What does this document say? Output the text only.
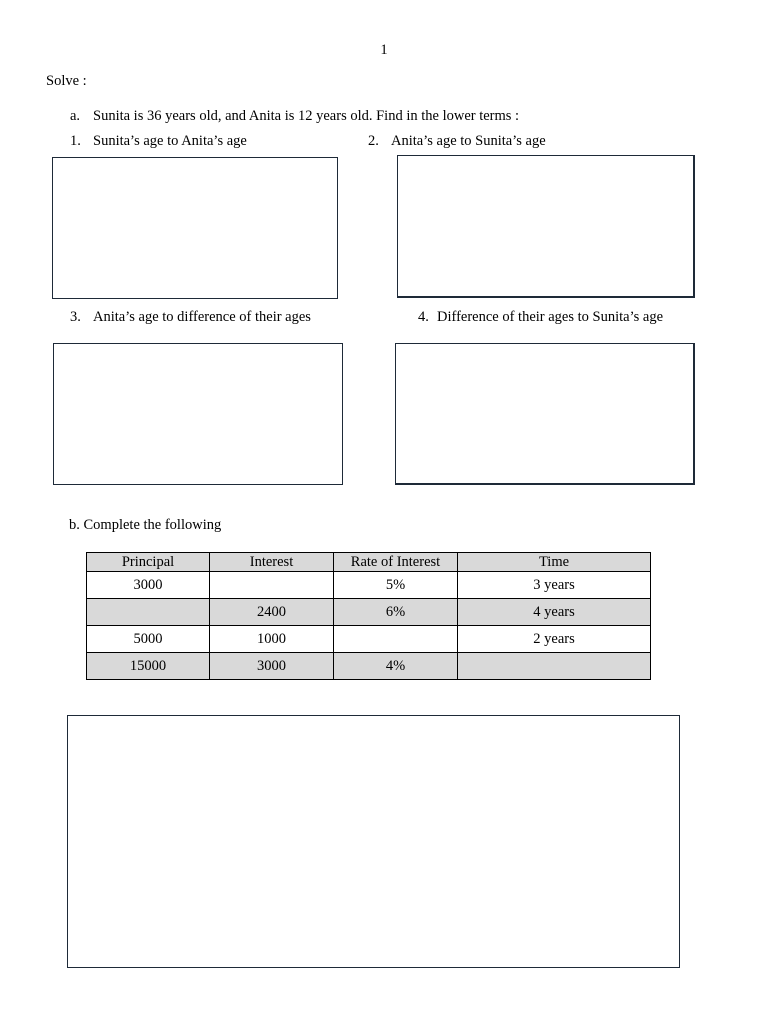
1
Solve :
a. Sunita is 36 years old, and Anita is 12 years old. Find in the lower terms :
1. Sunita’s age to Anita’s age	2. Anita’s age to Sunita’s age
3. Anita’s age to difference of their ages	4. Difference of their ages to Sunita’s age
b. Complete the following
Principal	Interest	Rate of Interest	Time
3000		5%	3 years
	2400	6%	4 years
5000	1000		2 years
15000	3000	4%	
